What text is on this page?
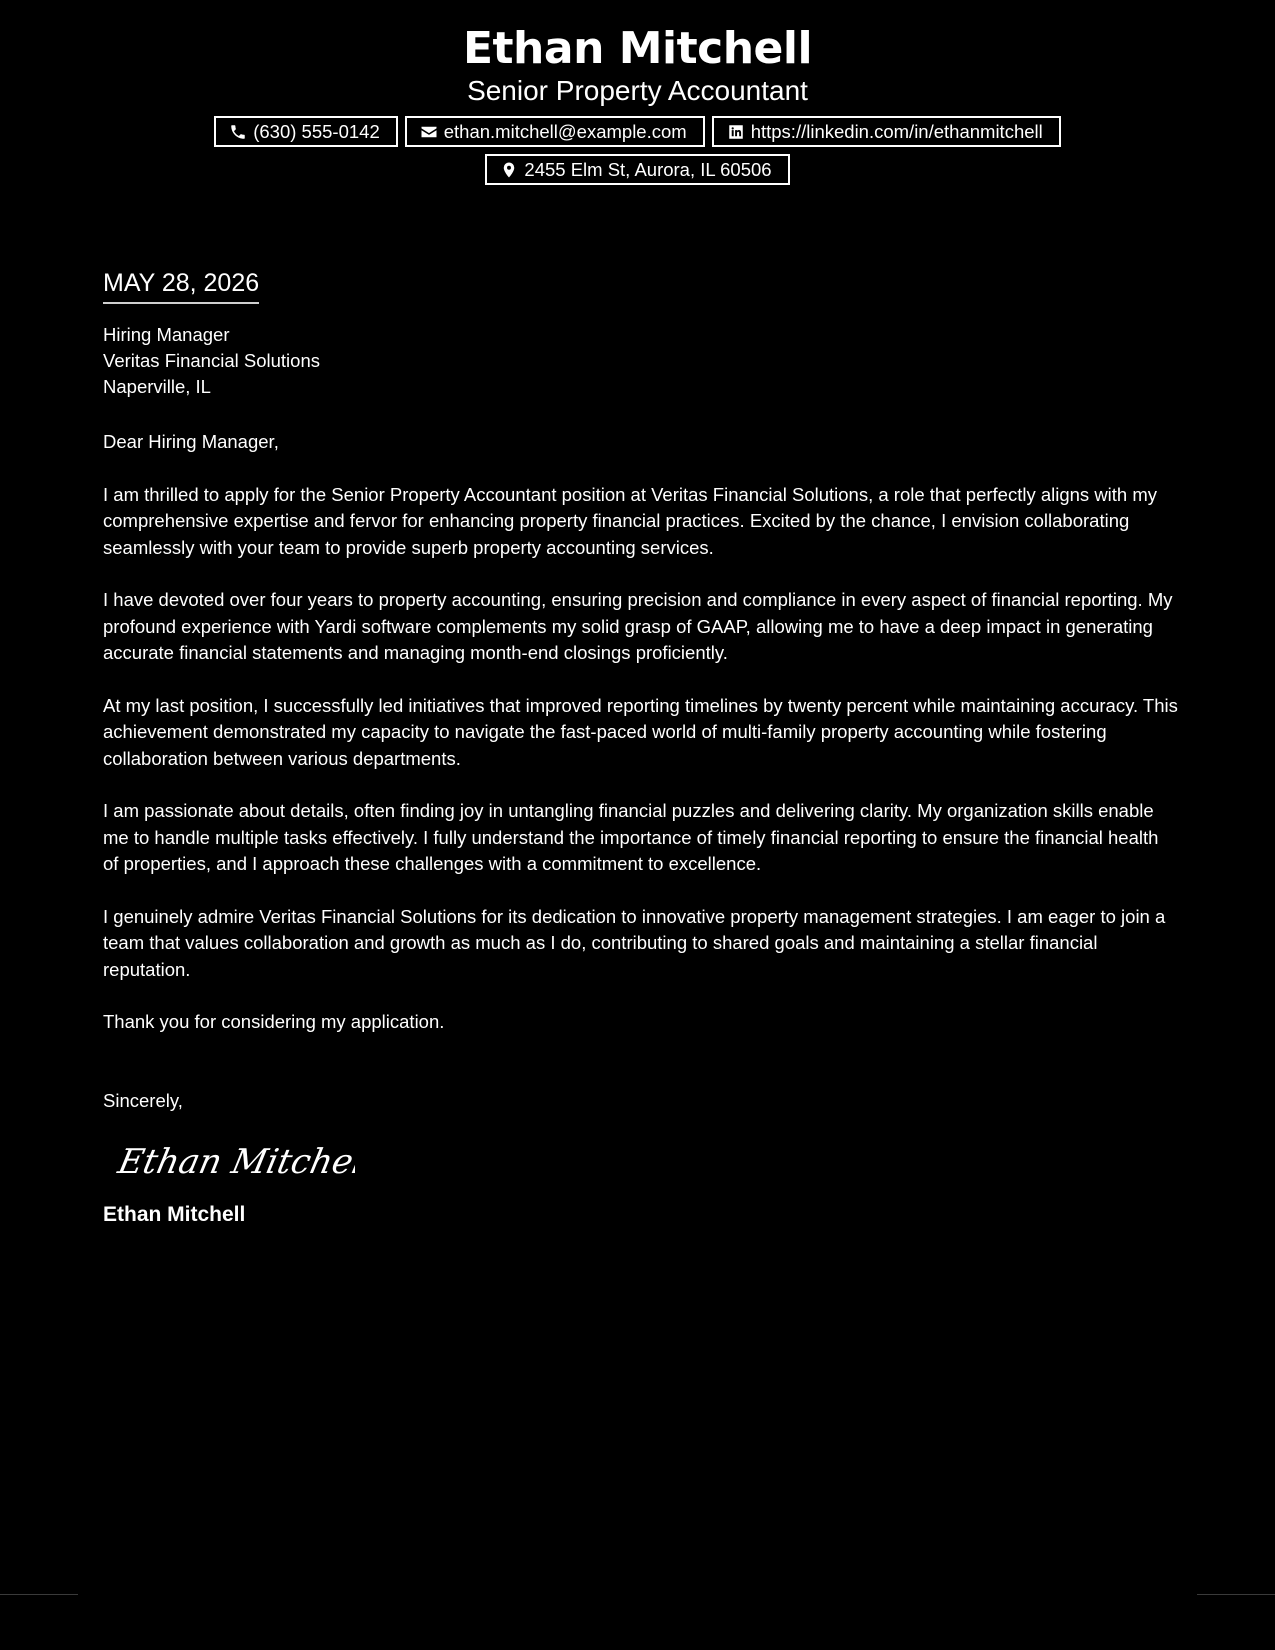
Ethan Mitchell
Senior Property Accountant
(630) 555-0142	ethan.mitchell@example.com	https://linkedin.com/in/ethanmitchell
2455 Elm St, Aurora, IL 60506
MAY 28, 2026
Hiring Manager
Veritas Financial Solutions
Naperville, IL

Dear Hiring Manager,

I am thrilled to apply for the Senior Property Accountant position at Veritas Financial Solutions, a role that perfectly aligns with my comprehensive expertise and fervor for enhancing property financial practices. Excited by the chance, I envision collaborating seamlessly with your team to provide superb property accounting services.

I have devoted over four years to property accounting, ensuring precision and compliance in every aspect of financial reporting. My profound experience with Yardi software complements my solid grasp of GAAP, allowing me to have a deep impact in generating accurate financial statements and managing month-end closings proficiently.

At my last position, I successfully led initiatives that improved reporting timelines by twenty percent while maintaining accuracy. This achievement demonstrated my capacity to navigate the fast-paced world of multi-family property accounting while fostering collaboration between various departments.

I am passionate about details, often finding joy in untangling financial puzzles and delivering clarity. My organization skills enable me to handle multiple tasks effectively. I fully understand the importance of timely financial reporting to ensure the financial health of properties, and I approach these challenges with a commitment to excellence.

I genuinely admire Veritas Financial Solutions for its dedication to innovative property management strategies. I am eager to join a team that values collaboration and growth as much as I do, contributing to shared goals and maintaining a stellar financial reputation.

Thank you for considering my application.

Sincerely,

Ethan Mitchell
Ethan Mitchell
